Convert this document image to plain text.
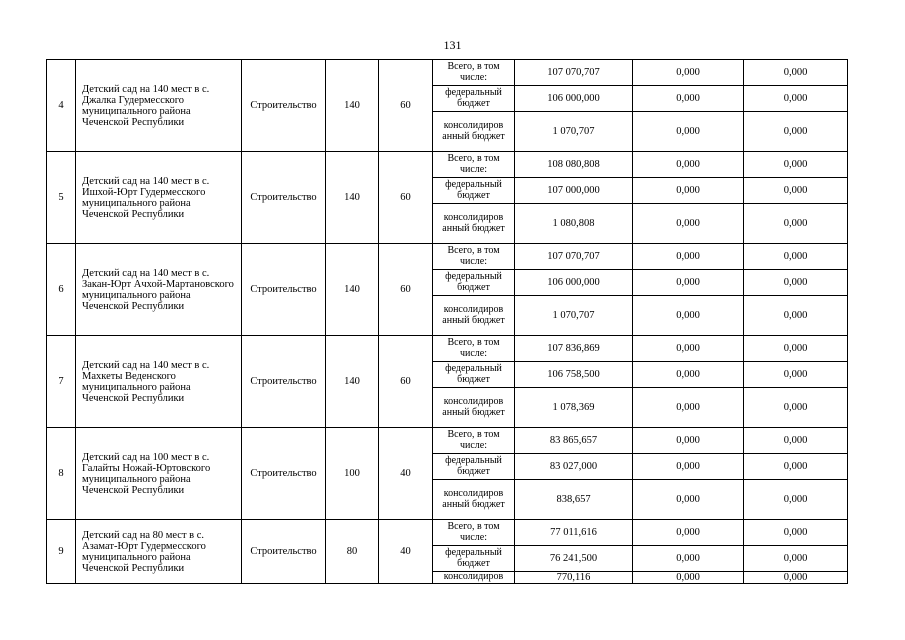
131
4	Детский сад на 140 мест в с. Джалка Гудермесского муниципального района Чеченской Республики	Строительство	140	60	Всего, в том числе:	107 070,707	0,000	0,000
					федеральный бюджет	106 000,000	0,000	0,000
					консолидиров анный бюджет	1 070,707	0,000	0,000
5	Детский сад на 140 мест в с. Ишхой-Юрт Гудермесского муниципального района Чеченской Республики	Строительство	140	60	Всего, в том числе:	108 080,808	0,000	0,000
					федеральный бюджет	107 000,000	0,000	0,000
					консолидиров анный бюджет	1 080,808	0,000	0,000
6	Детский сад на 140 мест в с. Закан-Юрт Ачхой-Мартановского муниципального района Чеченской Республики	Строительство	140	60	Всего, в том числе:	107 070,707	0,000	0,000
					федеральный бюджет	106 000,000	0,000	0,000
					консолидиров анный бюджет	1 070,707	0,000	0,000
7	Детский сад на 140 мест в с. Махкеты Веденского муниципального района Чеченской Республики	Строительство	140	60	Всего, в том числе:	107 836,869	0,000	0,000
					федеральный бюджет	106 758,500	0,000	0,000
					консолидиров анный бюджет	1 078,369	0,000	0,000
8	Детский сад на 100 мест в с. Галайты Ножай-Юртовского муниципального района Чеченской Республики	Строительство	100	40	Всего, в том числе:	83 865,657	0,000	0,000
					федеральный бюджет	83 027,000	0,000	0,000
					консолидиров анный бюджет	838,657	0,000	0,000
9	Детский сад на 80 мест в с. Азамат-Юрт Гудермесского муниципального района Чеченской Республики	Строительство	80	40	Всего, в том числе:	77 011,616	0,000	0,000
					федеральный бюджет	76 241,500	0,000	0,000
					консолидиров	770,116	0,000	0,000
